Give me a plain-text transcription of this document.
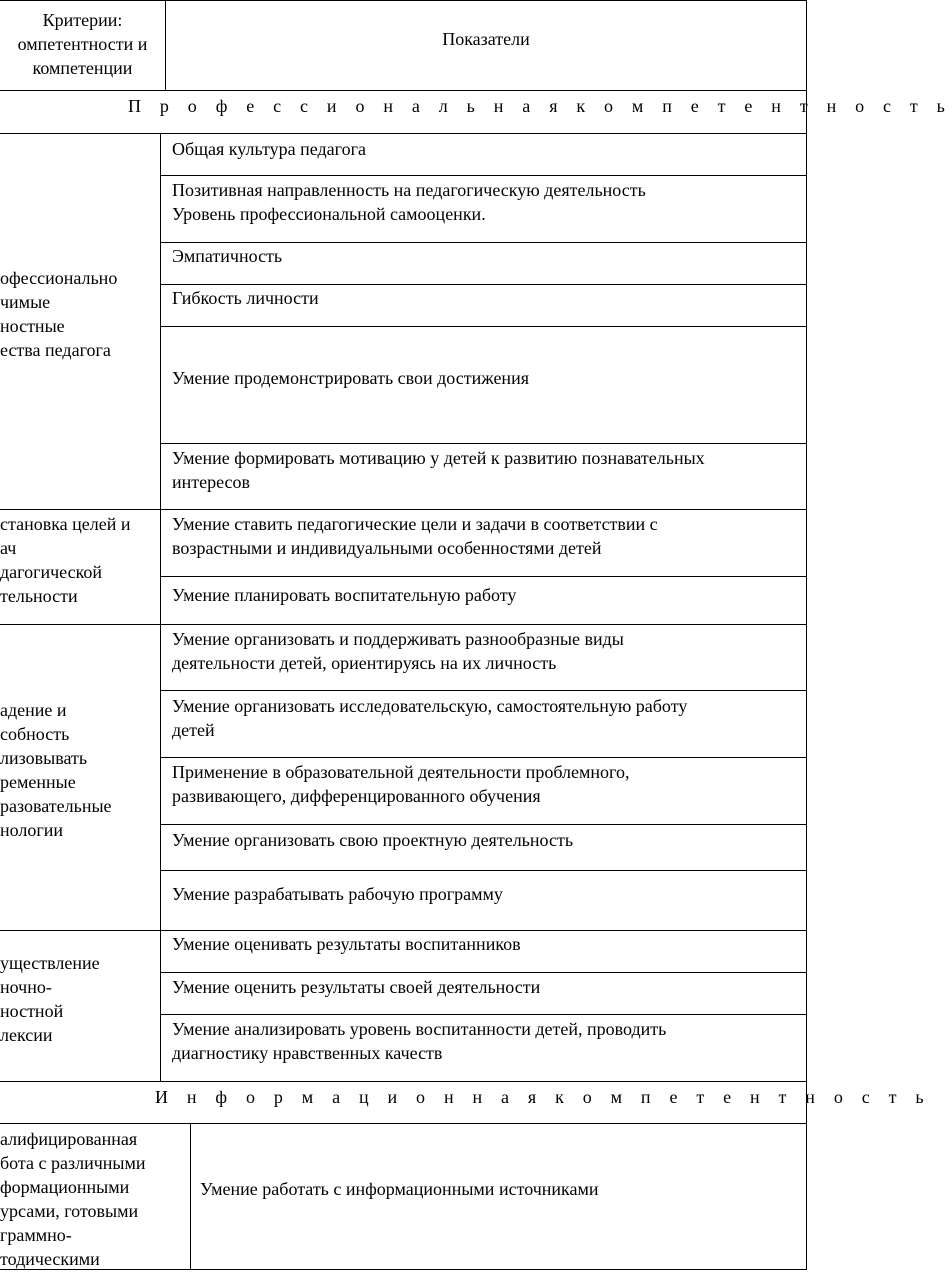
Критерии:
омпетентности и
компетенции
Показатели
П р о ф е с с и о н а л ь н а я к о м п е т е н т н о с т ь
офессионально
чимые
ностные
ества педагога
Общая культура педагога
Позитивная направленность на педагогическую деятельность
Уровень профессиональной самооценки.
Эмпатичность
Гибкость личности
Умение продемонстрировать свои достижения
Умение формировать мотивацию у детей к развитию познавательных
интересов
становка целей и
ач
дагогической
тельности
Умение ставить педагогические цели и задачи в соответствии с
возрастными и индивидуальными особенностями детей
Умение планировать воспитательную работу
адение и
собность
лизовывать
ременные
разовательные
нологии
Умение организовать и поддерживать разнообразные виды
деятельности детей, ориентируясь на их личность
Умение организовать исследовательскую, самостоятельную работу
детей
Применение в образовательной деятельности проблемного,
развивающего, дифференцированного обучения
Умение организовать свою проектную деятельность
Умение разрабатывать рабочую программу
уществление
ночно-
ностной
лексии
Умение оценивать результаты воспитанников
Умение оценить результаты своей деятельности
Умение анализировать уровень воспитанности детей, проводить
диагностику нравственных качеств
И н ф о р м а ц и о н н а я к о м п е т е н т н о с т ь
алифицированная
бота с различными
формационными
урсами, готовыми
граммно-
тодическими
Умение работать с информационными источниками
